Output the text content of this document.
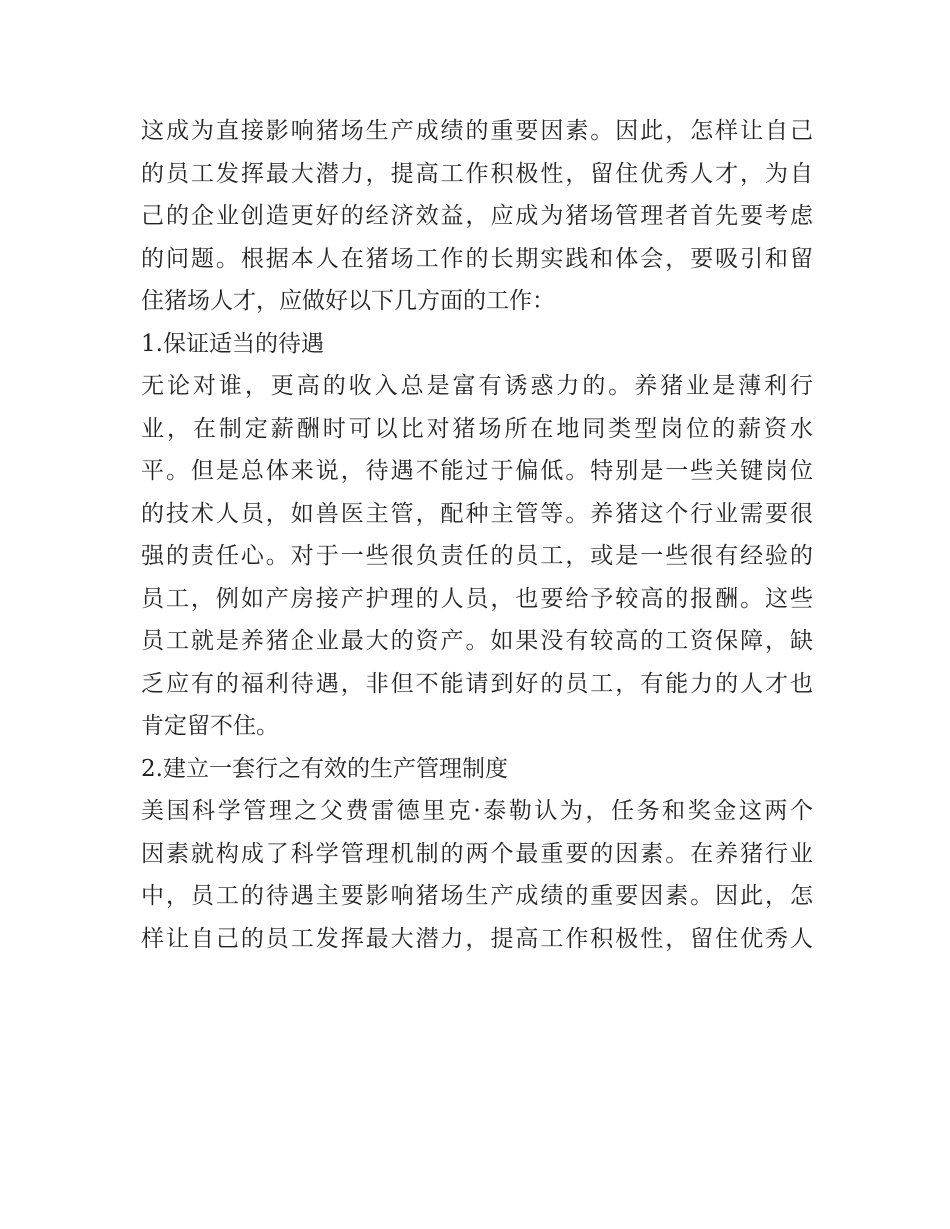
这成为直接影响猪场生产成绩的重要因素。因此，怎样让自己
的员工发挥最大潜力，提高工作积极性，留住优秀人才，为自
己的企业创造更好的经济效益，应成为猪场管理者首先要考虑
的问题。根据本人在猪场工作的长期实践和体会，要吸引和留
住猪场人才，应做好以下几方面的工作：
1.保证适当的待遇
无论对谁，更高的收入总是富有诱惑力的。养猪业是薄利行
业，在制定薪酬时可以比对猪场所在地同类型岗位的薪资水
平。但是总体来说，待遇不能过于偏低。特别是一些关键岗位
的技术人员，如兽医主管，配种主管等。养猪这个行业需要很
强的责任心。对于一些很负责任的员工，或是一些很有经验的
员工，例如产房接产护理的人员，也要给予较高的报酬。这些
员工就是养猪企业最大的资产。如果没有较高的工资保障，缺
乏应有的福利待遇，非但不能请到好的员工，有能力的人才也
肯定留不住。
2.建立一套行之有效的生产管理制度
美国科学管理之父费雷德里克·泰勒认为，任务和奖金这两个
因素就构成了科学管理机制的两个最重要的因素。在养猪行业
中，员工的待遇主要影响猪场生产成绩的重要因素。因此，怎
样让自己的员工发挥最大潜力，提高工作积极性，留住优秀人
